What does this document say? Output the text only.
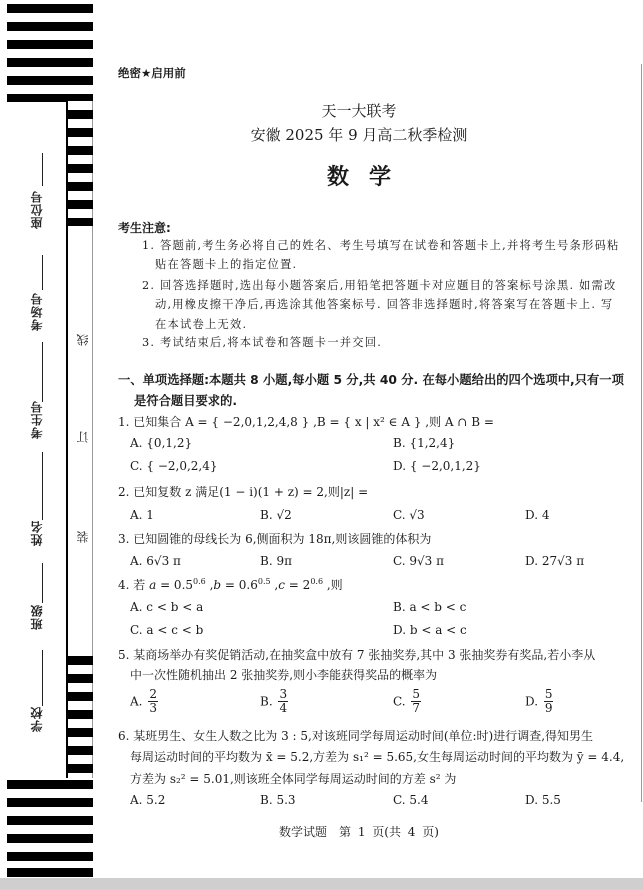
座位号
考场号
考生号
姓名
班级
学校
线
订
装
绝密★启用前
天一大联考
安徽 2025 年 9 月高二秋季检测
数学
考生注意:
1. 答题前,考生务必将自己的姓名、考生号填写在试卷和答题卡上,并将考生号条形码粘
贴在答题卡上的指定位置.
2. 回答选择题时,选出每小题答案后,用铅笔把答题卡对应题目的答案标号涂黑. 如需改
动,用橡皮擦干净后,再选涂其他答案标号. 回答非选择题时,将答案写在答题卡上. 写
在本试卷上无效.
3. 考试结束后,将本试卷和答题卡一并交回.
一、单项选择题:本题共 8 小题,每小题 5 分,共 40 分. 在每小题给出的四个选项中,只有一项
是符合题目要求的.
1. 已知集合 A = { −2,0,1,2,4,8 } ,B = { x | x² ∈ A } ,则 A ∩ B =
A. {0,1,2}	B. {1,2,4}
C. { −2,0,2,4}	D. { −2,0,1,2}
2. 已知复数 z 满足(1 − i)(1 + z) = 2,则|z| =
A. 1	B. √2	C. √3	D. 4
3. 已知圆锥的母线长为 6,侧面积为 18π,则该圆锥的体积为
A. 6√3 π	B. 9π	C. 9√3 π	D. 27√3 π
4. 若 $a = 0.5^{0.6}$ $,b = 0.6^{0.5}$ $,c = 2^{0.6}$ ,则
A. c < b < a	B. a < b < c
C. a < c < b	D. b < a < c
5. 某商场举办有奖促销活动,在抽奖盒中放有 7 张抽奖券,其中 3 张抽奖券有奖品,若小李从
中一次性随机抽出 2 张抽奖券,则小李能获得奖品的概率为
A. $\frac{2}{3}$	B. $\frac{3}{4}$	C. $\frac{5}{7}$	D. $\frac{5}{9}$
6. 某班男生、女生人数之比为 3 : 5,对该班同学每周运动时间(单位:时)进行调查,得知男生
每周运动时间的平均数为 x̄ = 5.2,方差为 s₁² = 5.65,女生每周运动时间的平均数为 ȳ = 4.4,
方差为 s₂² = 5.01,则该班全体同学每周运动时间的方差 s² 为
A. 5.2	B. 5.3	C. 5.4	D. 5.5
数学试题　第 1 页(共 4 页)
